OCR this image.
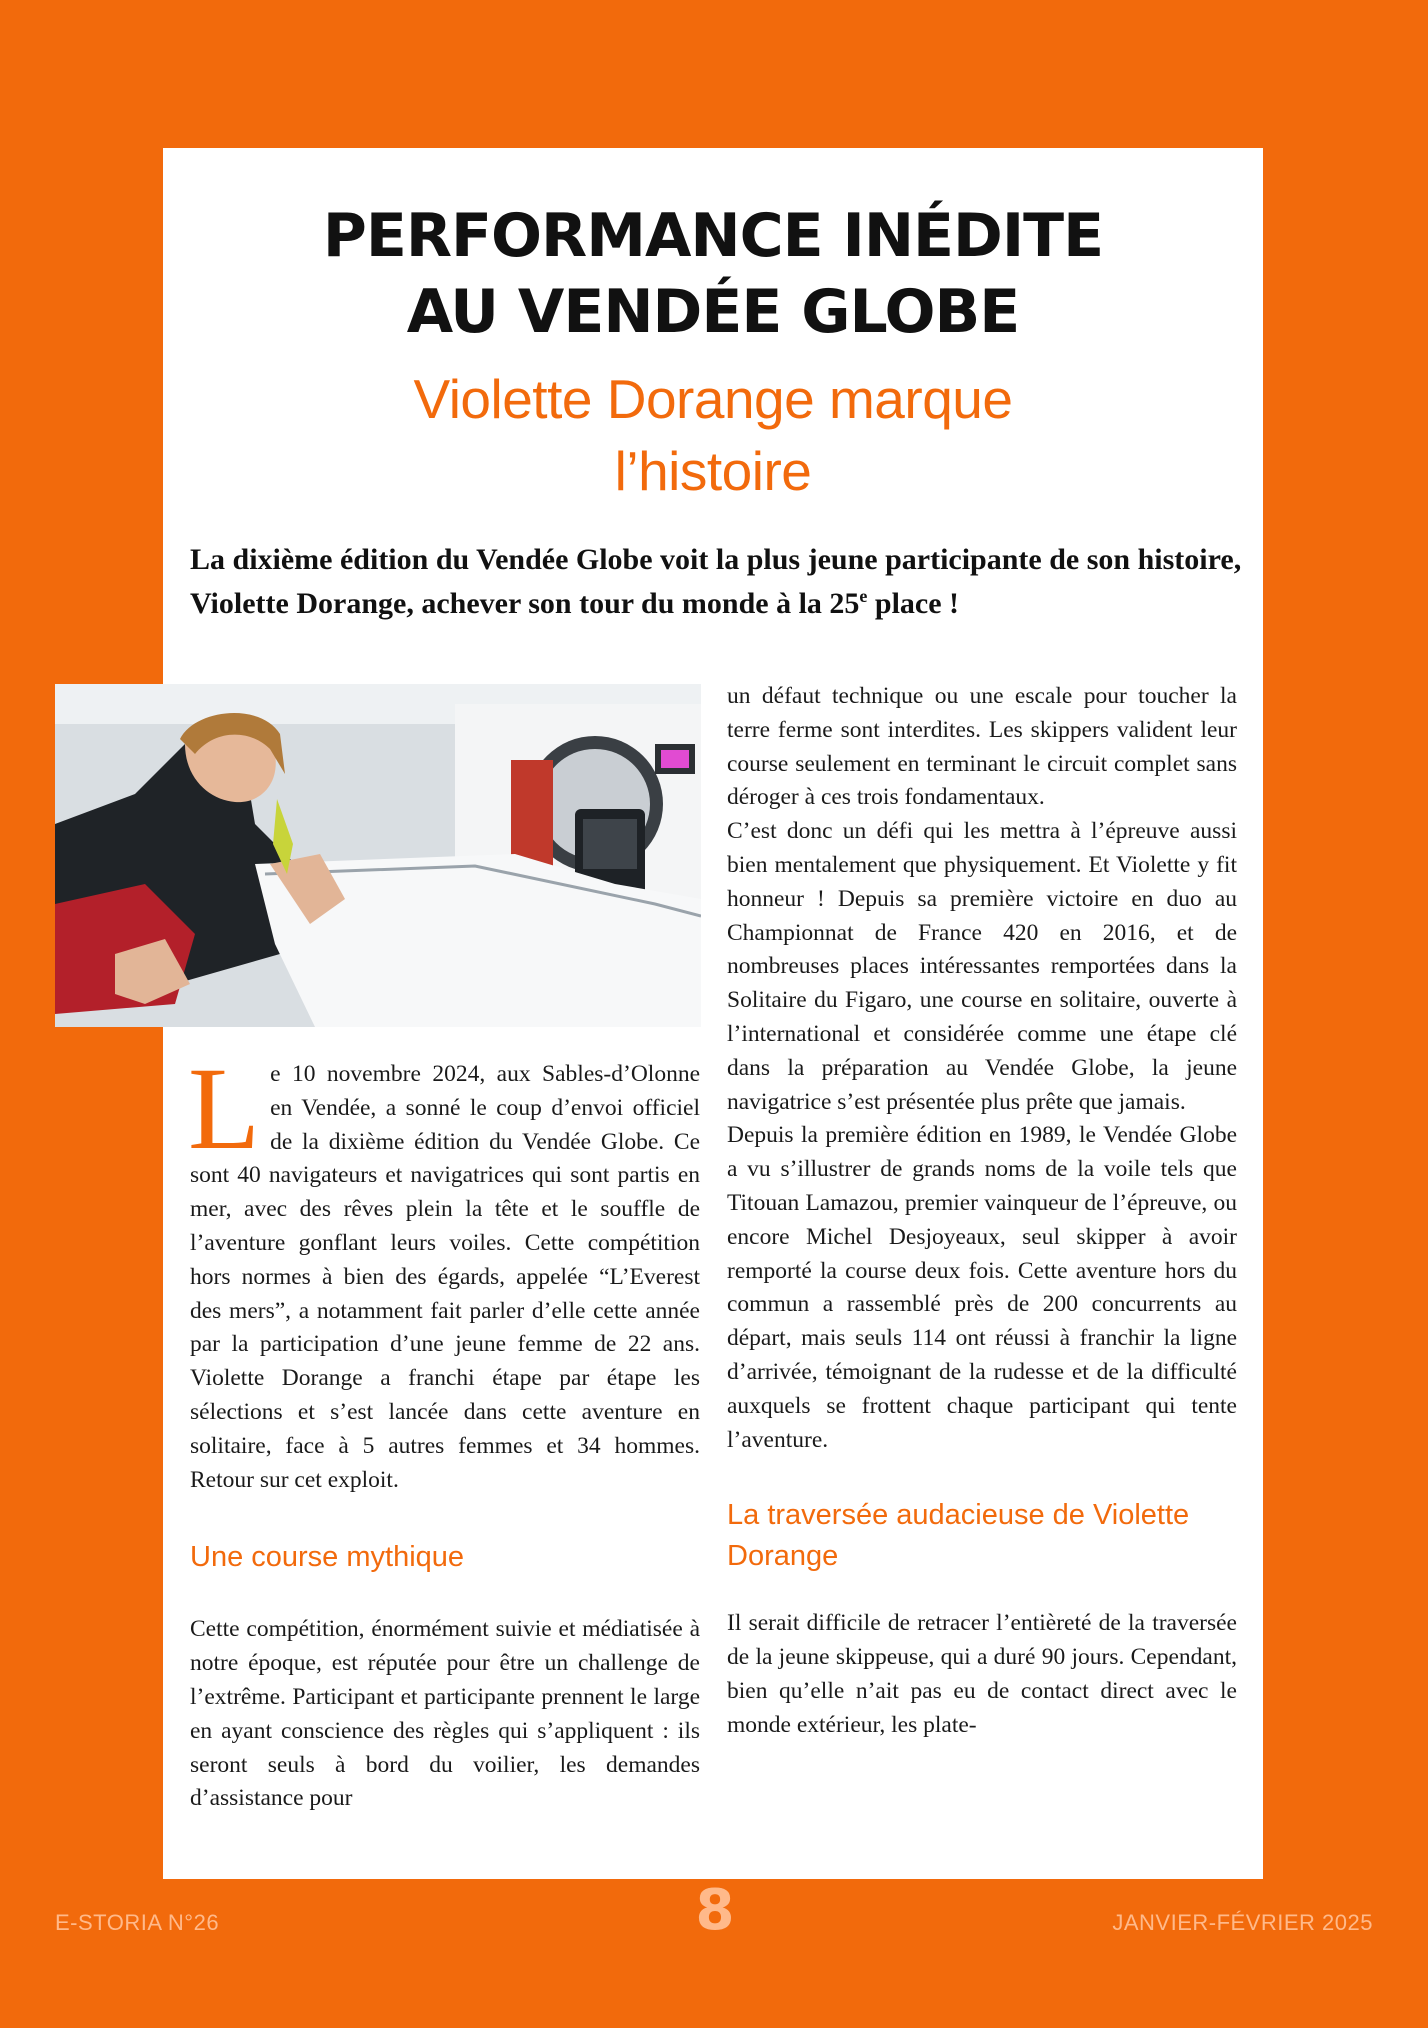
PERFORMANCE INÉDITE
AU VENDÉE GLOBE
Violette Dorange marque
l’histoire
La dixième édition du Vendée Globe voit la plus jeune participante de son histoire, Violette Dorange, achever son tour du monde à la 25e place !
L e 10 novembre 2024, aux Sables-d’Olonne en Vendée, a sonné le coup d’envoi officiel de la dixième édition du Vendée Globe. Ce sont 40 navigateurs et navigatrices qui sont partis en mer, avec des rêves plein la tête et le souffle de l’aventure gonflant leurs voiles. Cette compétition hors normes à bien des égards, appelée “L’Everest des mers”, a notamment fait parler d’elle cette année par la participation d’une jeune femme de 22 ans. Violette Dorange a franchi étape par étape les sélections et s’est lancée dans cette aventure en solitaire, face à 5 autres femmes et 34 hommes. Retour sur cet exploit.

Une course mythique

Cette compétition, énormément suivie et médiatisée à notre époque, est réputée pour être un challenge de l’extrême. Participant et participante prennent le large en ayant conscience des règles qui s’appliquent : ils seront seuls à bord du voilier, les demandes d’assistance pour

un défaut technique ou une escale pour toucher la terre ferme sont interdites. Les skippers valident leur course seulement en terminant le circuit complet sans déroger à ces trois fondamentaux.

C’est donc un défi qui les mettra à l’épreuve aussi bien mentalement que physiquement. Et Violette y fit honneur ! Depuis sa première victoire en duo au Championnat de France 420 en 2016, et de nombreuses places intéressantes remportées dans la Solitaire du Figaro, une course en solitaire, ouverte à l’international et considérée comme une étape clé dans la préparation au Vendée Globe, la jeune navigatrice s’est présentée plus prête que jamais.

Depuis la première édition en 1989, le Vendée Globe a vu s’illustrer de grands noms de la voile tels que Titouan Lamazou, premier vainqueur de l’épreuve, ou encore Michel Desjoyeaux, seul skipper à avoir remporté la course deux fois. Cette aventure hors du commun a rassemblé près de 200 concurrents au départ, mais seuls 114 ont réussi à franchir la ligne d’arrivée, témoignant de la rudesse et de la difficulté auxquels se frottent chaque participant qui tente l’aventure.

La traversée audacieuse de Violette Dorange

Il serait difficile de retracer l’entièreté de la traversée de la jeune skippeuse, qui a duré 90 jours. Cependant, bien qu’elle n’ait pas eu de contact direct avec le monde extérieur, les plate-

E-STORIA N°26	8	JANVIER-FÉVRIER 2025
